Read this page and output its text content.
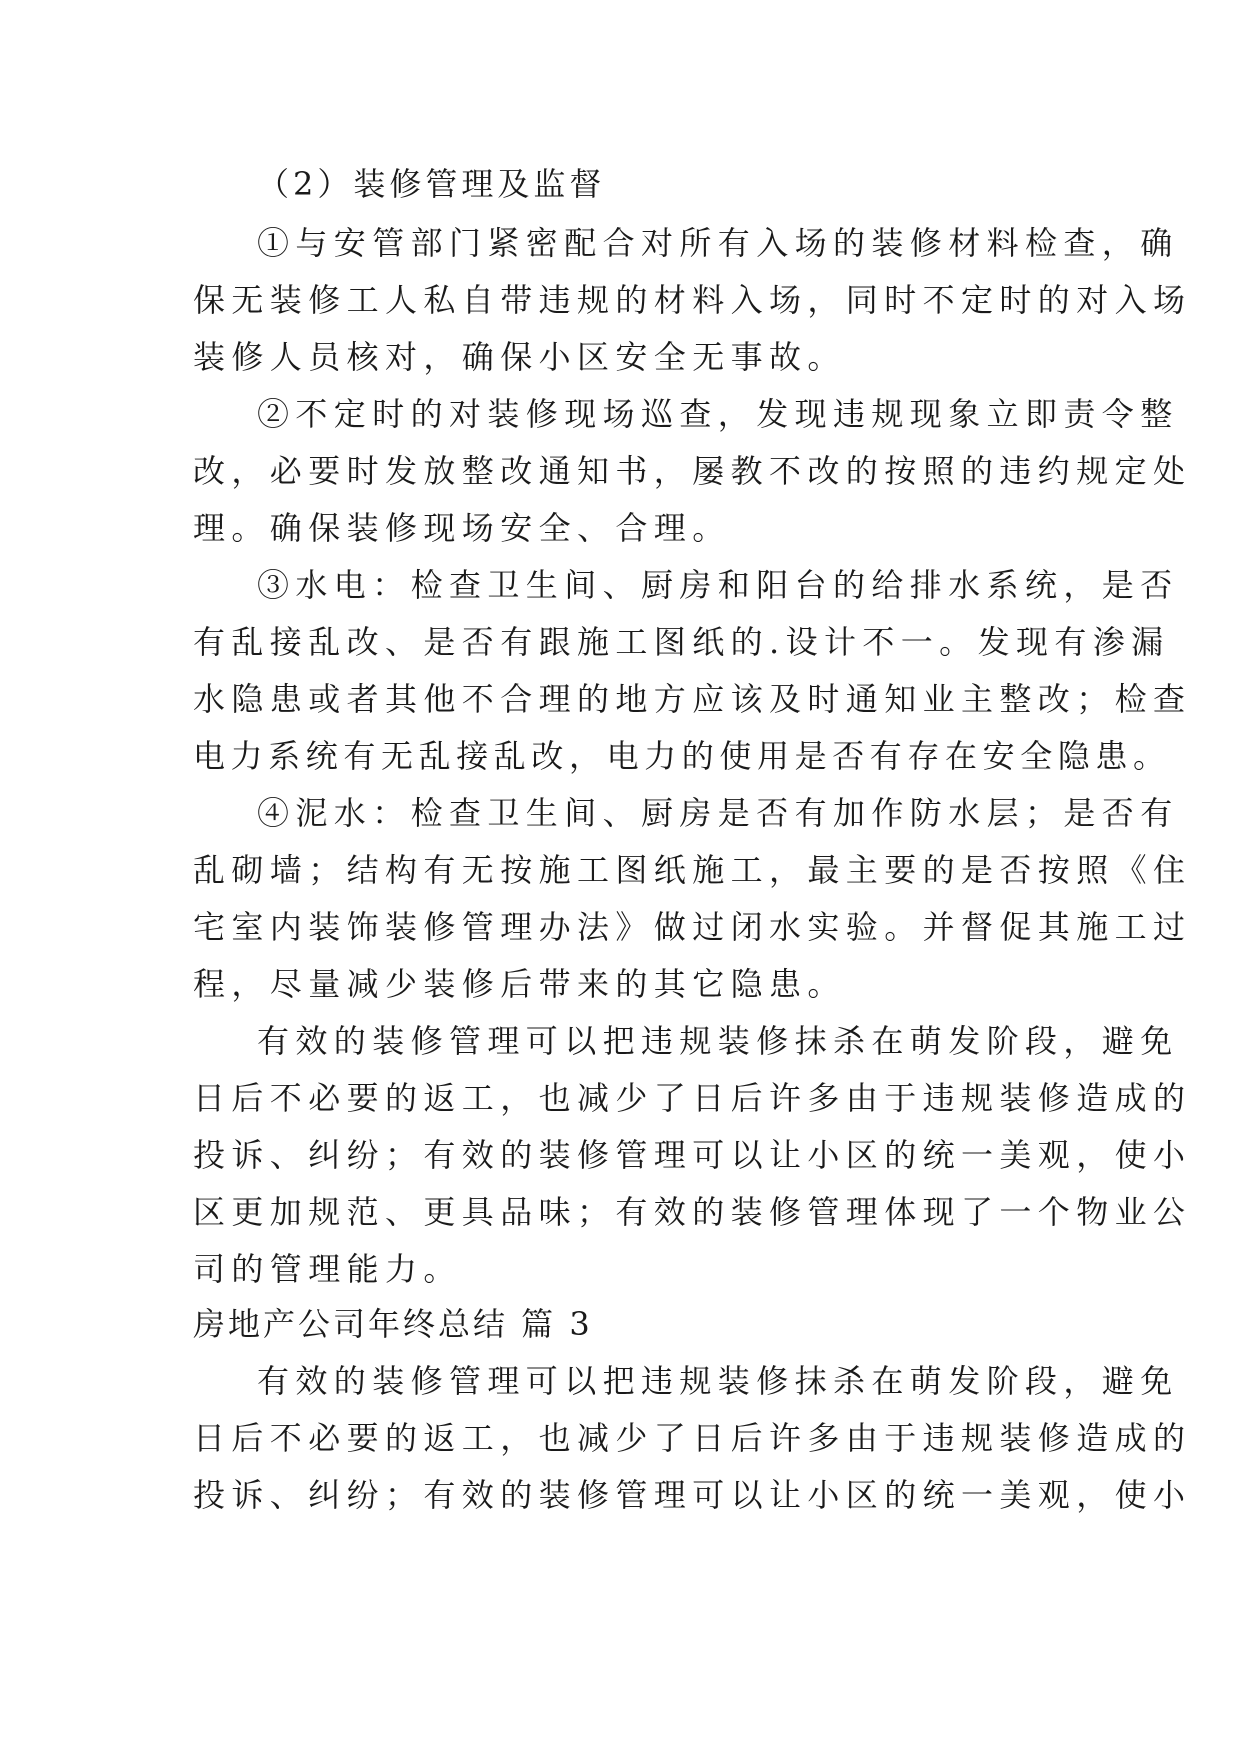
（2）装修管理及监督
①与安管部门紧密配合对所有入场的装修材料检查，确
保无装修工人私自带违规的材料入场，同时不定时的对入场
装修人员核对，确保小区安全无事故。
②不定时的对装修现场巡查，发现违规现象立即责令整
改，必要时发放整改通知书，屡教不改的按照的违约规定处
理。确保装修现场安全、合理。
③水电：检查卫生间、厨房和阳台的给排水系统，是否
有乱接乱改、是否有跟施工图纸的.设计不一。发现有渗漏
水隐患或者其他不合理的地方应该及时通知业主整改；检查
电力系统有无乱接乱改，电力的使用是否有存在安全隐患。
④泥水：检查卫生间、厨房是否有加作防水层；是否有
乱砌墙；结构有无按施工图纸施工，最主要的是否按照《住
宅室内装饰装修管理办法》做过闭水实验。并督促其施工过
程，尽量减少装修后带来的其它隐患。
有效的装修管理可以把违规装修抹杀在萌发阶段，避免
日后不必要的返工，也减少了日后许多由于违规装修造成的
投诉、纠纷；有效的装修管理可以让小区的统一美观，使小
区更加规范、更具品味；有效的装修管理体现了一个物业公
司的管理能力。
房地产公司年终总结 篇 3
有效的装修管理可以把违规装修抹杀在萌发阶段，避免
日后不必要的返工，也减少了日后许多由于违规装修造成的
投诉、纠纷；有效的装修管理可以让小区的统一美观，使小
